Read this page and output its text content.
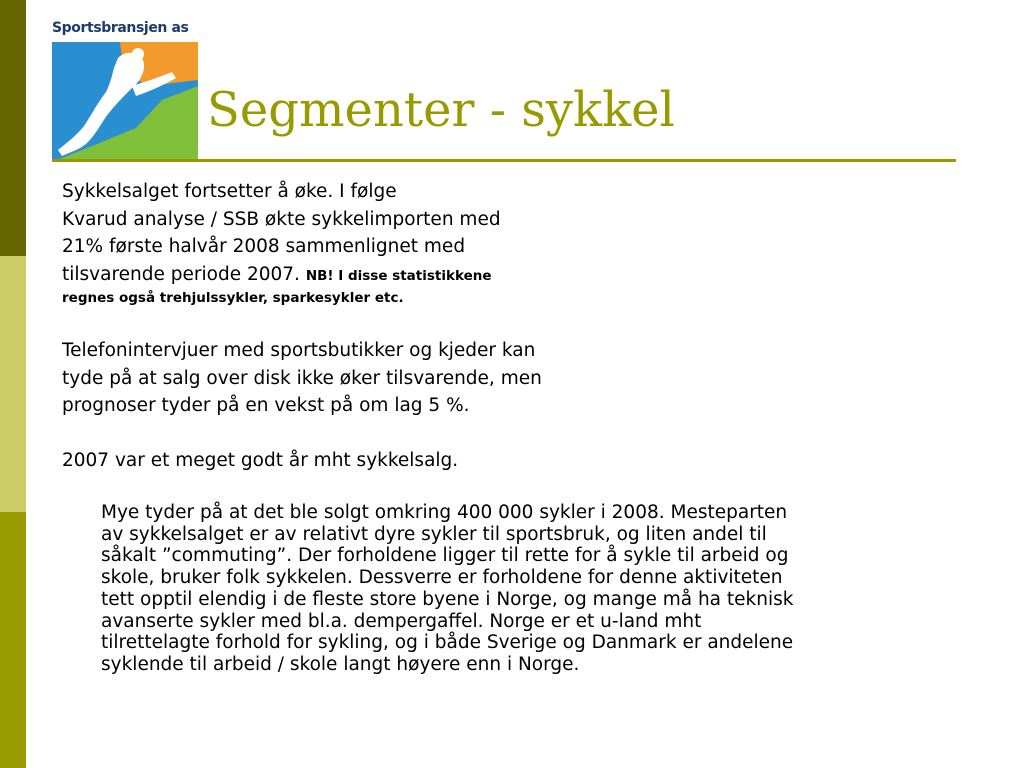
Sportsbransjen as
Segmenter - sykkel
Sykkelsalget fortsetter å øke. I følge
Kvarud analyse / SSB økte sykkelimporten med
21% første halvår 2008 sammenlignet med
tilsvarende periode 2007. NB! I disse statistikkene
regnes også trehjulssykler, sparkesykler etc.
Telefonintervjuer med sportsbutikker og kjeder kan
tyde på at salg over disk ikke øker tilsvarende, men
prognoser tyder på en vekst på om lag 5 %.
2007 var et meget godt år mht sykkelsalg.
Mye tyder på at det ble solgt omkring 400 000 sykler i 2008. Mesteparten
av sykkelsalget er av relativt dyre sykler til sportsbruk, og liten andel til
såkalt ”commuting”. Der forholdene ligger til rette for å sykle til arbeid og
skole, bruker folk sykkelen. Dessverre er forholdene for denne aktiviteten
tett opptil elendig i de fleste store byene i Norge, og mange må ha teknisk
avanserte sykler med bl.a. dempergaffel. Norge er et u-land mht
tilrettelagte forhold for sykling, og i både Sverige og Danmark er andelene
syklende til arbeid / skole langt høyere enn i Norge.
